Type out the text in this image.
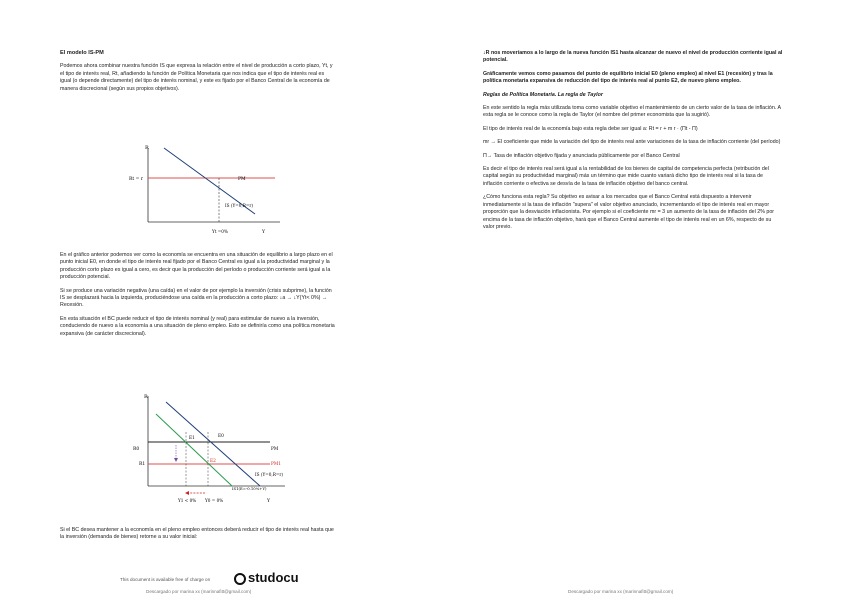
El modelo IS-PM

Podemos ahora combinar nuestra función IS que expresa la relación entre el nivel de producción a corto plazo, Yt, y el tipo de interés real, Rt, añadiendo la función de Política Monetaria que nos indica que el tipo de interés real es igual (o depende directamente) del tipo de interés nominal, y este es fijado por el Banco Central de la economía de manera discrecional (según sus propios objetivos).

R
PM
Rt = r
IS (Y=0,R=r)
Yt =0%	Y

En el gráfico anterior podemos ver como la economía se encuentra en una situación de equilibrio a largo plazo en el punto inicial E0, en donde el tipo de interés real fijado por el Banco Central es igual a la productividad marginal y la producción corto plazo es igual a cero, es decir que la producción del período o producción corriente será igual a la producción potencial.

Si se produce una variación negativa (una caída) en el valor de por ejemplo la inversión (crisis subprime), la función IS se desplazará hacia la izquierda, produciéndose una caída en la producción a corto plazo: ↓a → ↓Y(Yt< 0%) → Recesión.

En esta situación el BC puede reducir el tipo de interés nominal (y real) para estimular de nuevo a la inversión, conduciendo de nuevo a la economía a una situación de pleno empleo. Esto se definiría como una política monetaria expansiva (de carácter discrecional).

R
PM
R0
PM1
R1
IS (Y=0,R=r)
IS1(E=-0.10%+Y)
E1	E0
E2
Y1 < 0% Y0 = 0%	Y

Si el BC desea mantener a la economía en el pleno empleo entonces deberá reducir el tipo de interés real hasta que la inversión (demanda de bienes) retorne a su valor inicial:

↓R nos moveríamos a lo largo de la nueva función IS1 hasta alcanzar de nuevo el nivel de producción corriente igual al potencial.

Gráficamente vemos como pasamos del punto de equilibrio inicial E0 (pleno empleo) al nivel E1 (recesión) y tras la política monetaria expansiva de reducción del tipo de interés real al punto E2, de nuevo pleno empleo.

Reglas de Política Monetaria. La regla de Taylor

En este sentido la regla más utilizada toma como variable objetivo el mantenimiento de un cierto valor de la tasa de inflación. A esta regla se le conoce como la regla de Taylor (el nombre del primer economista que la sugirió).

El tipo de interés real de la economía bajo esta regla debe ser igual a: Rt = r + m r · (Πt - Π)

mr → El coeficiente que mide la variación del tipo de interés real ante variaciones de la tasa de inflación corriente (del período)

Π→ Tasa de inflación objetivo fijada y anunciada públicamente por el Banco Central

Es decir el tipo de interés real será igual a la rentabilidad de los bienes de capital de competencia perfecta (retribución del capital según su productividad marginal) más un término que mide cuanto variará dicho tipo de interés real si la tasa de inflación corriente o efectiva se desvía de la tasa de inflación objetivo del banco central.

¿Cómo funciona esta regla? Su objetivo es avisar a los mercados que el Banco Central está dispuesto a intervenir inmediatamente si la tasa de inflación "supera" el valor objetivo anunciado, incrementando el tipo de interés real en mayor proporción que la desviación inflacionista. Por ejemplo si el coeficiente mr = 3 un aumento de la tasa de inflación del 2% por encima de la tasa de inflación objetivo, hará que el Banco Central aumente el tipo de interés real en un 6%, respecto de su valor previo.

This document is available free of charge on	studocu
Descargado por marina xx (marinnafitt@gmail.com)	Descargado por marina xx (marinnafitt@gmail.com)
